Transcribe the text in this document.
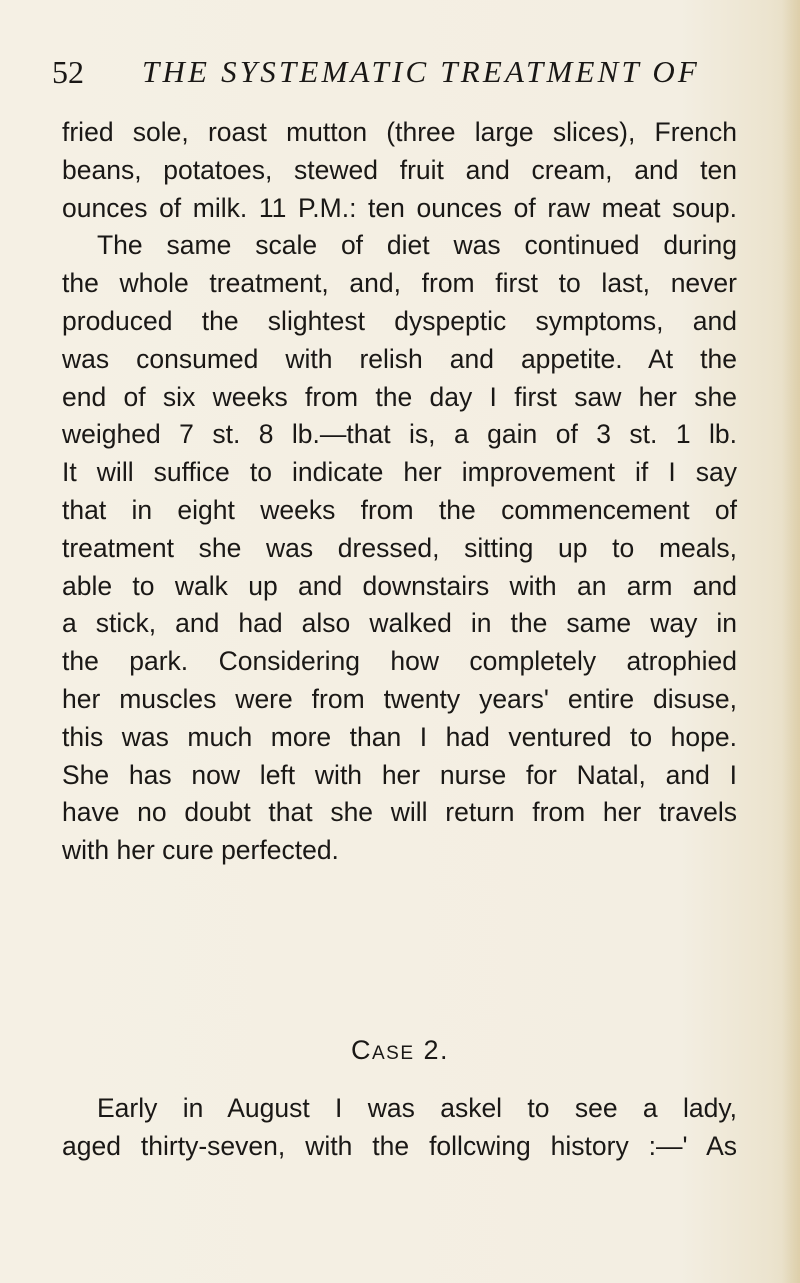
52 THE SYSTEMATIC TREATMENT OF
fried sole, roast mutton (three large slices), French
beans, potatoes, stewed fruit and cream, and ten
ounces of milk. 11 P.M.: ten ounces of raw meat soup.
The same scale of diet was continued during
the whole treatment, and, from first to last, never
produced the slightest dyspeptic symptoms, and
was consumed with relish and appetite. At the
end of six weeks from the day I first saw her she
weighed 7 st. 8 lb.—that is, a gain of 3 st. 1 lb.
It will suffice to indicate her improvement if I say
that in eight weeks from the commencement of
treatment she was dressed, sitting up to meals,
able to walk up and downstairs with an arm and
a stick, and had also walked in the same way in
the park. Considering how completely atrophied
her muscles were from twenty years' entire disuse,
this was much more than I had ventured to hope.
She has now left with her nurse for Natal, and I
have no doubt that she will return from her travels
with her cure perfected.
Case 2.
Early in August I was askel to see a lady,
aged thirty-seven, with the follcwing history :—' As
